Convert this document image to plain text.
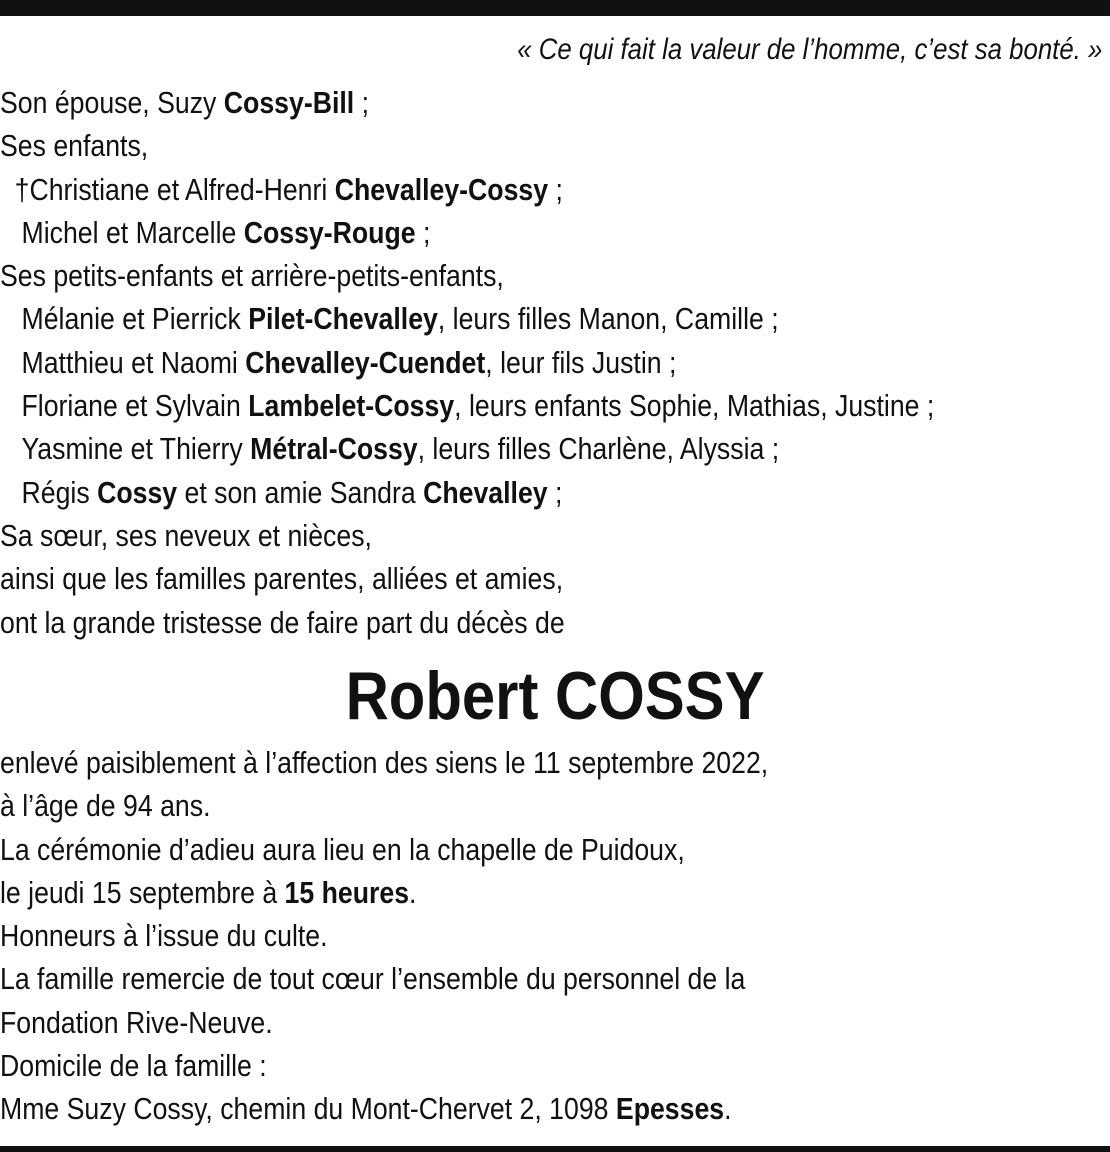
« Ce qui fait la valeur de l’homme, c’est sa bonté. »
Son épouse, Suzy Cossy-Bill ;
Ses enfants,
†Christiane et Alfred-Henri Chevalley-Cossy ;
Michel et Marcelle Cossy-Rouge ;
Ses petits-enfants et arrière-petits-enfants,
Mélanie et Pierrick Pilet-Chevalley, leurs filles Manon, Camille ;
Matthieu et Naomi Chevalley-Cuendet, leur fils Justin ;
Floriane et Sylvain Lambelet-Cossy, leurs enfants Sophie, Mathias, Justine ;
Yasmine et Thierry Métral-Cossy, leurs filles Charlène, Alyssia ;
Régis Cossy et son amie Sandra Chevalley ;
Sa sœur, ses neveux et nièces,
ainsi que les familles parentes, alliées et amies,
ont la grande tristesse de faire part du décès de
Robert COSSY
enlevé paisiblement à l’affection des siens le 11 septembre 2022,
à l’âge de 94 ans.
La cérémonie d’adieu aura lieu en la chapelle de Puidoux,
le jeudi 15 septembre à 15 heures.
Honneurs à l’issue du culte.
La famille remercie de tout cœur l’ensemble du personnel de la
Fondation Rive-Neuve.
Domicile de la famille :
Mme Suzy Cossy, chemin du Mont-Chervet 2, 1098 Epesses.
